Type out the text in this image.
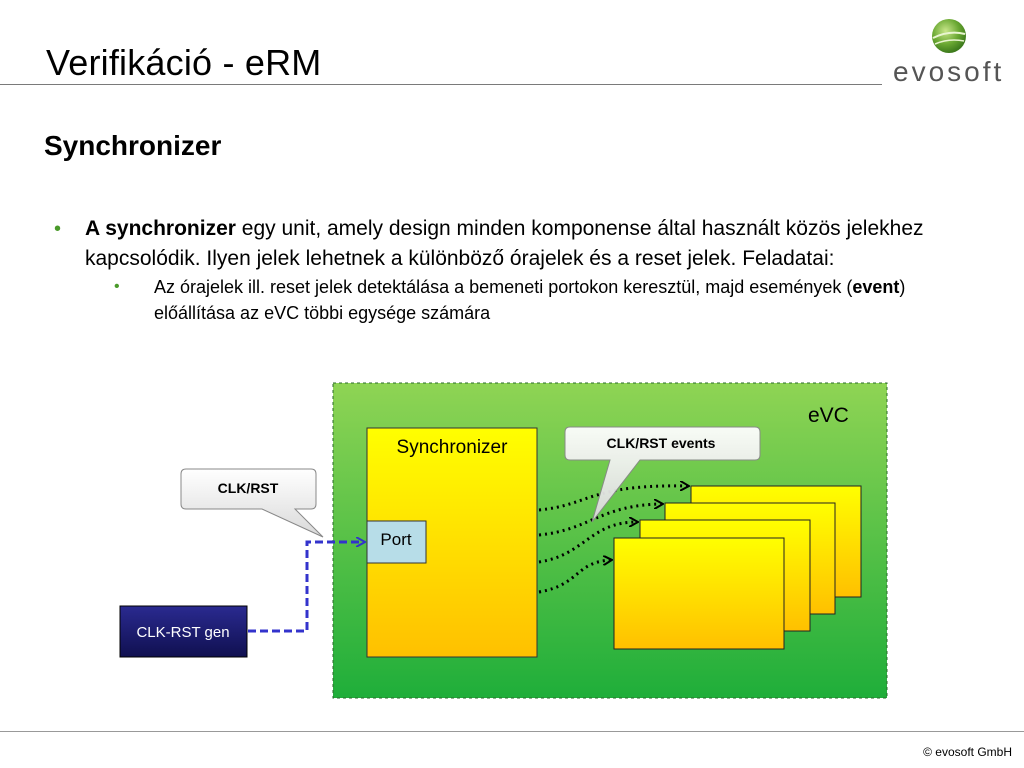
Verifikáció - eRM	evosoft
Synchronizer
• A synchronizer egy unit, amely design minden komponense által használt közös jelekhez kapcsolódik. Ilyen jelek lehetnek a különböző órajelek és a reset jelek. Feladatai:
• Az órajelek ill. reset jelek detektálása a bemeneti portokon keresztül, majd események (event) előállítása az eVC többi egysége számára
eVC
Synchronizer
Port
CLK/RST events
CLK/RST
CLK-RST gen
© evosoft GmbH
